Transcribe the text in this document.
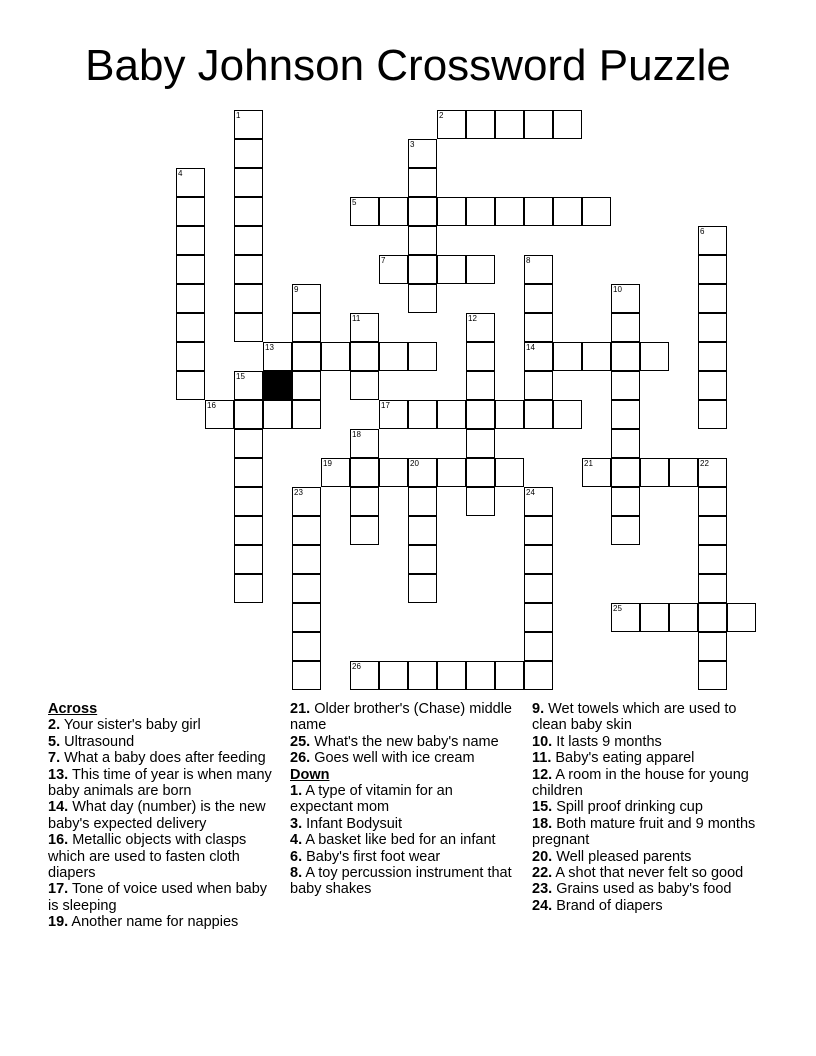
Baby Johnson Crossword Puzzle
1	2
3
4
5
6
7	8
9	10
11	12
13	14
15
16	17
18
19	20	21	22
23	24
25
26
Across
2. Your sister's baby girl
5. Ultrasound
7. What a baby does after feeding
13. This time of year is when many baby animals are born
14. What day (number) is the new baby's expected delivery
16. Metallic objects with clasps which are used to fasten cloth diapers
17. Tone of voice used when baby is sleeping
19. Another name for nappies
21. Older brother's (Chase) middle name
25. What's the new baby's name
26. Goes well with ice cream
Down
1. A type of vitamin for an expectant mom
3. Infant Bodysuit
4. A basket like bed for an infant
6. Baby's first foot wear
8. A toy percussion instrument that baby shakes
9. Wet towels which are used to clean baby skin
10. It lasts 9 months
11. Baby's eating apparel
12. A room in the house for young children
15. Spill proof drinking cup
18. Both mature fruit and 9 months pregnant
20. Well pleased parents
22. A shot that never felt so good
23. Grains used as baby's food
24. Brand of diapers
